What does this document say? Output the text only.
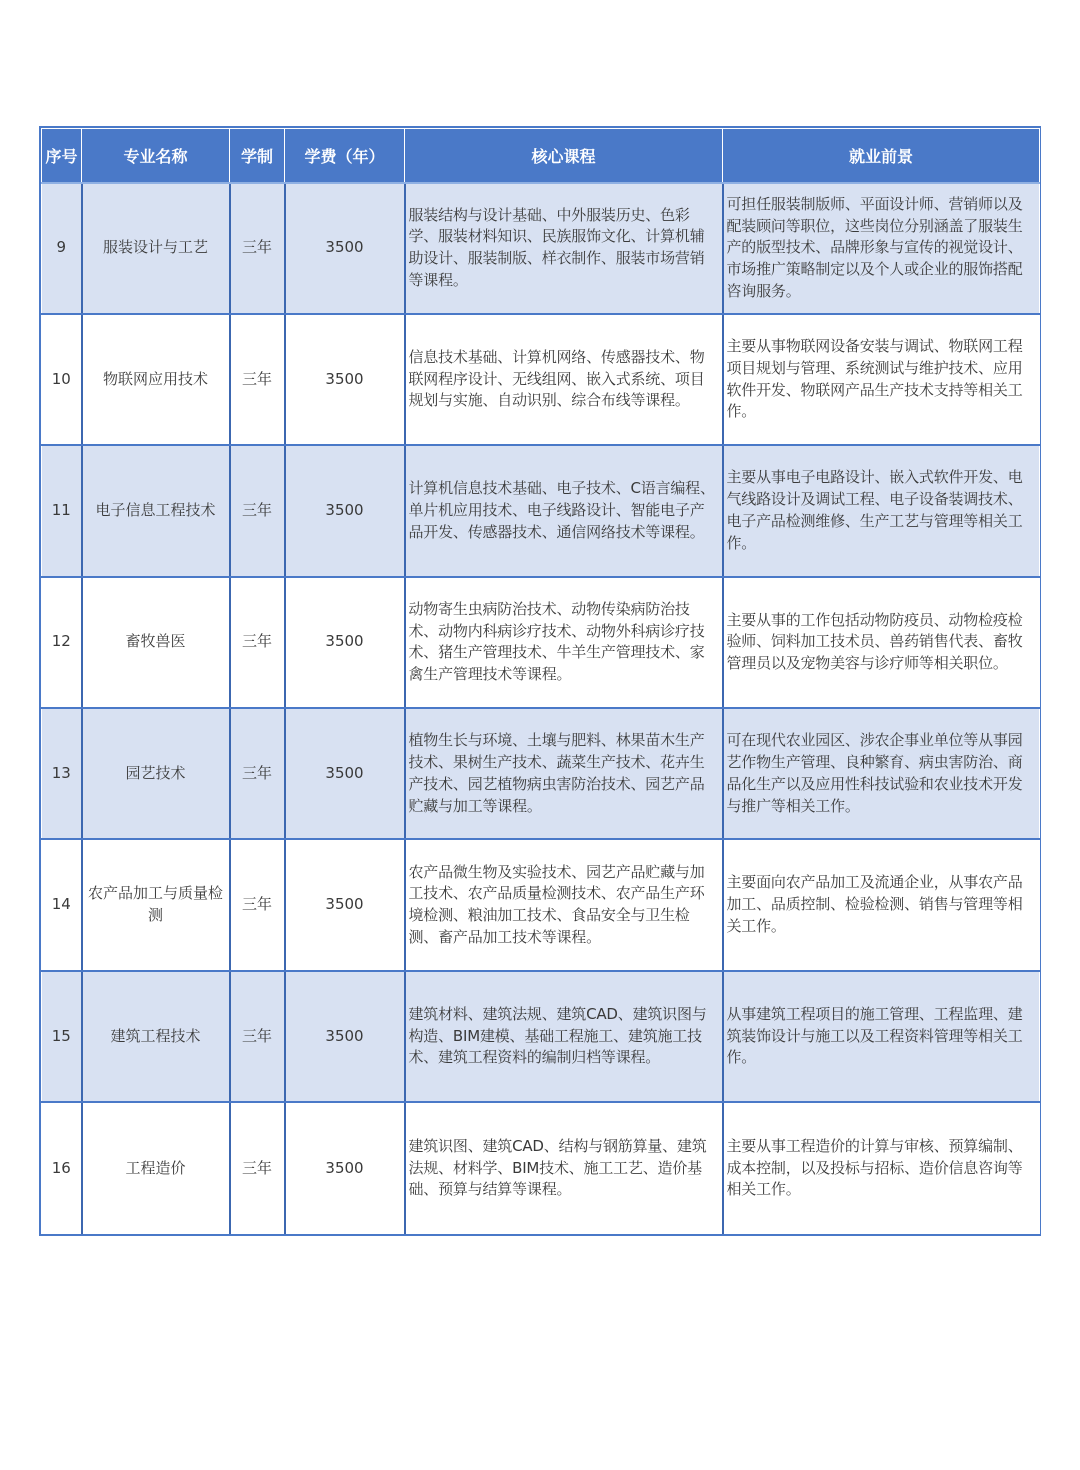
序号	专业名称	学制	学费（年）	核心课程	就业前景
9	服装设计与工艺	三年	3500	服装结构与设计基础、中外服装历史、色彩学、服装材料知识、民族服饰文化、计算机辅助设计、服装制版、样衣制作、服装市场营销等课程。	可担任服装制版师、平面设计师、营销师以及配装顾问等职位，这些岗位分别涵盖了服装生产的版型技术、品牌形象与宣传的视觉设计、市场推广策略制定以及个人或企业的服饰搭配咨询服务。
10	物联网应用技术	三年	3500	信息技术基础、计算机网络、传感器技术、物联网程序设计、无线组网、嵌入式系统、项目规划与实施、自动识别、综合布线等课程。	主要从事物联网设备安装与调试、物联网工程项目规划与管理、系统测试与维护技术、应用软件开发、物联网产品生产技术支持等相关工作。
11	电子信息工程技术	三年	3500	计算机信息技术基础、电子技术、C语言编程、单片机应用技术、电子线路设计、智能电子产品开发、传感器技术、通信网络技术等课程。	主要从事电子电路设计、嵌入式软件开发、电气线路设计及调试工程、电子设备装调技术、电子产品检测维修、生产工艺与管理等相关工作。
12	畜牧兽医	三年	3500	动物寄生虫病防治技术、动物传染病防治技术、动物内科病诊疗技术、动物外科病诊疗技术、猪生产管理技术、牛羊生产管理技术、家禽生产管理技术等课程。	主要从事的工作包括动物防疫员、动物检疫检验师、饲料加工技术员、兽药销售代表、畜牧管理员以及宠物美容与诊疗师等相关职位。
13	园艺技术	三年	3500	植物生长与环境、土壤与肥料、林果苗木生产技术、果树生产技术、蔬菜生产技术、花卉生产技术、园艺植物病虫害防治技术、园艺产品贮藏与加工等课程。	可在现代农业园区、涉农企事业单位等从事园艺作物生产管理、良种繁育、病虫害防治、商品化生产以及应用性科技试验和农业技术开发与推广等相关工作。
14	农产品加工与质量检测	三年	3500	农产品微生物及实验技术、园艺产品贮藏与加工技术、农产品质量检测技术、农产品生产环境检测、粮油加工技术、食品安全与卫生检测、畜产品加工技术等课程。	主要面向农产品加工及流通企业，从事农产品加工、品质控制、检验检测、销售与管理等相关工作。
15	建筑工程技术	三年	3500	建筑材料、建筑法规、建筑CAD、建筑识图与构造、BIM建模、基础工程施工、建筑施工技术、建筑工程资料的编制归档等课程。	从事建筑工程项目的施工管理、工程监理、建筑装饰设计与施工以及工程资料管理等相关工作。
16	工程造价	三年	3500	建筑识图、建筑CAD、结构与钢筋算量、建筑法规、材料学、BIM技术、施工工艺、造价基础、预算与结算等课程。	主要从事工程造价的计算与审核、预算编制、成本控制，以及投标与招标、造价信息咨询等相关工作。
